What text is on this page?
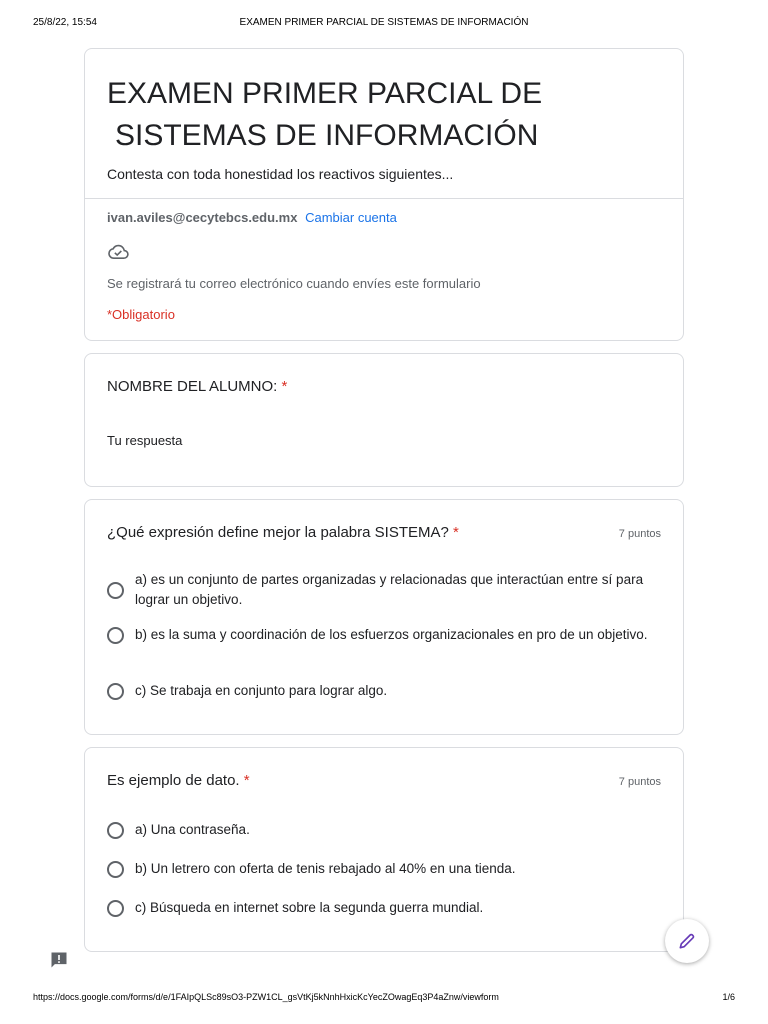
25/8/22, 15:54	EXAMEN PRIMER PARCIAL DE SISTEMAS DE INFORMACIÓN
EXAMEN PRIMER PARCIAL DE
SISTEMAS DE INFORMACIÓN
Contesta con toda honestidad los reactivos siguientes...
ivan.aviles@cecytebcs.edu.mx Cambiar cuenta
Se registrará tu correo electrónico cuando envíes este formulario
*Obligatorio
NOMBRE DEL ALUMNO: *
Tu respuesta
¿Qué expresión define mejor la palabra SISTEMA? *	7 puntos
a) es un conjunto de partes organizadas y relacionadas que interactúan entre sí para lograr un objetivo.
b) es la suma y coordinación de los esfuerzos organizacionales en pro de un objetivo.
c) Se trabaja en conjunto para lograr algo.
Es ejemplo de dato. *	7 puntos
a) Una contraseña.
b) Un letrero con oferta de tenis rebajado al 40% en una tienda.
c) Búsqueda en internet sobre la segunda guerra mundial.
https://docs.google.com/forms/d/e/1FAIpQLSc89sO3-PZW1CL_gsVtKj5kNnhHxicKcYecZOwagEq3P4aZnw/viewform	1/6
